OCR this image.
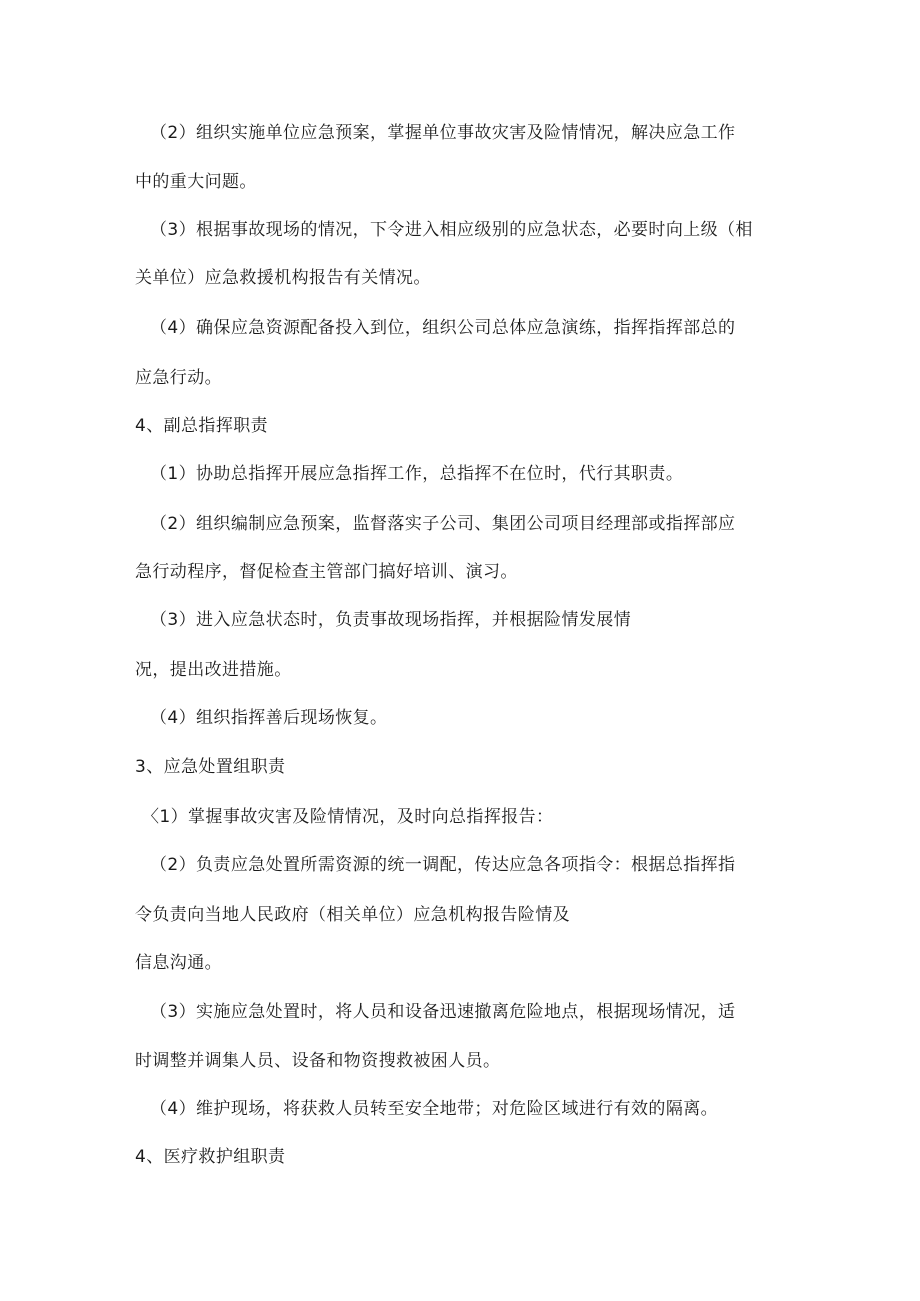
（2）组织实施单位应急预案，掌握单位事故灾害及险情情况，解决应急工作
中的重大问题。
（3）根据事故现场的情况，下令进入相应级别的应急状态，必要时向上级（相
关单位）应急救援机构报告有关情况。
（4）确保应急资源配备投入到位，组织公司总体应急演练，指挥指挥部总的
应急行动。
4、副总指挥职责
（1）协助总指挥开展应急指挥工作，总指挥不在位时，代行其职责。
（2）组织编制应急预案，监督落实子公司、集团公司项目经理部或指挥部应
急行动程序，督促检查主管部门搞好培训、演习。
（3）进入应急状态时，负责事故现场指挥，并根据险情发展情
况，提出改进措施。
（4）组织指挥善后现场恢复。
3、应急处置组职责
〈1）掌握事故灾害及险情情况，及时向总指挥报告：
（2）负责应急处置所需资源的统一调配，传达应急各项指令：根据总指挥指
令负责向当地人民政府（相关单位）应急机构报告险情及
信息沟通。
（3）实施应急处置时，将人员和设备迅速撤离危险地点，根据现场情况，适
时调整并调集人员、设备和物资搜救被困人员。
（4）维护现场，将获救人员转至安全地带；对危险区域进行有效的隔离。
4、医疗救护组职责
